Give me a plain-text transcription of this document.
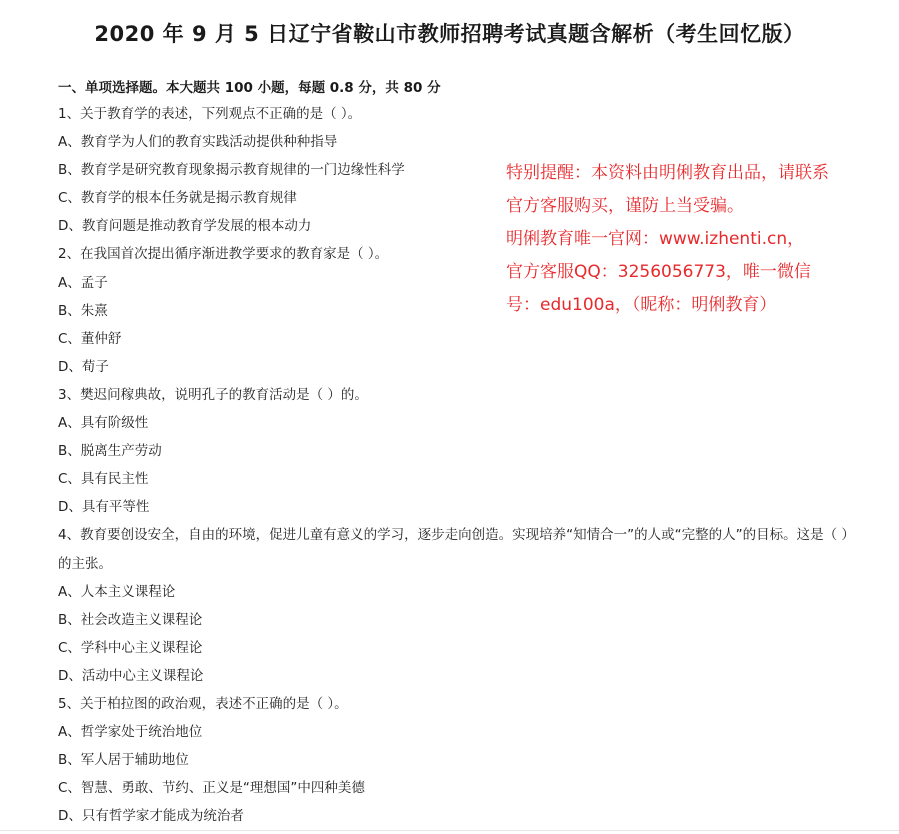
2020 年 9 月 5 日辽宁省鞍山市教师招聘考试真题含解析（考生回忆版）
一、单项选择题。本大题共 100 小题，每题 0.8 分，共 80 分
1、关于教育学的表述，下列观点不正确的是（ ）。
A、教育学为人们的教育实践活动提供种种指导
B、教育学是研究教育现象揭示教育规律的一门边缘性科学
C、教育学的根本任务就是揭示教育规律
D、教育问题是推动教育学发展的根本动力
2、在我国首次提出循序渐进教学要求的教育家是（ ）。
A、孟子
B、朱熹
C、董仲舒
D、荀子
3、樊迟问稼典故，说明孔子的教育活动是（ ）的。
A、具有阶级性
B、脱离生产劳动
C、具有民主性
D、具有平等性
4、教育要创设安全，自由的环境，促进儿童有意义的学习，逐步走向创造。实现培养“知情合一”的人或“完整的人”的目标。这是（ ）
的主张。
A、人本主义课程论
B、社会改造主义课程论
C、学科中心主义课程论
D、活动中心主义课程论
5、关于柏拉图的政治观，表述不正确的是（ ）。
A、哲学家处于统治地位
B、军人居于辅助地位
C、智慧、勇敢、节约、正义是“理想国”中四种美德
D、只有哲学家才能成为统治者
特别提醒：本资料由明俐教育出品，请联系
官方客服购买，谨防上当受骗。
明俐教育唯一官网：www.izhenti.cn，
官方客服QQ：3256056773，唯一微信
号：edu100a，（昵称：明俐教育）
